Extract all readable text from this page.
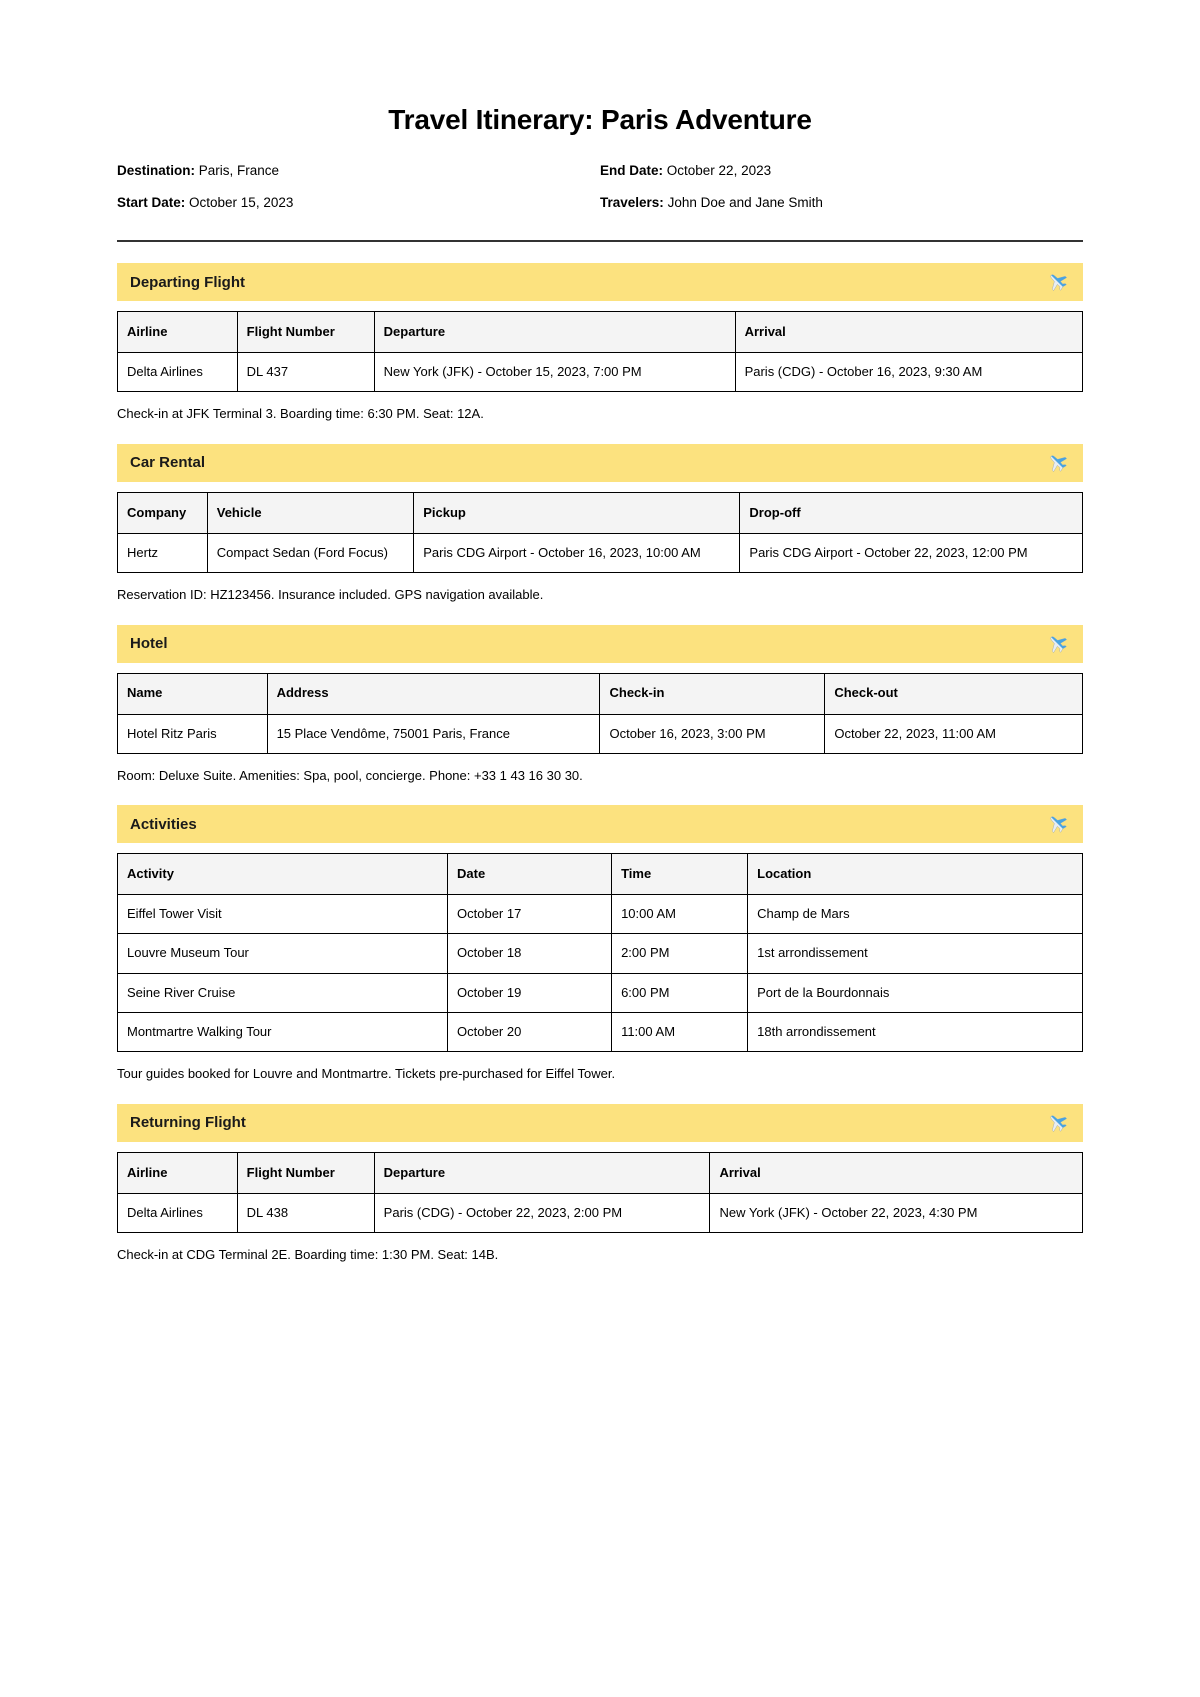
Travel Itinerary: Paris Adventure
Destination: Paris, France	End Date: October 22, 2023
Start Date: October 15, 2023	Travelers: John Doe and Jane Smith
Departing Flight
Airline	Flight Number	Departure	Arrival
Delta Airlines	DL 437	New York (JFK) - October 15, 2023, 7:00 PM	Paris (CDG) - October 16, 2023, 9:30 AM
Check-in at JFK Terminal 3. Boarding time: 6:30 PM. Seat: 12A.
Car Rental
Company	Vehicle	Pickup	Drop-off
Hertz	Compact Sedan (Ford Focus)	Paris CDG Airport - October 16, 2023, 10:00 AM	Paris CDG Airport - October 22, 2023, 12:00 PM
Reservation ID: HZ123456. Insurance included. GPS navigation available.
Hotel
Name	Address	Check-in	Check-out
Hotel Ritz Paris	15 Place Vendôme, 75001 Paris, France	October 16, 2023, 3:00 PM	October 22, 2023, 11:00 AM
Room: Deluxe Suite. Amenities: Spa, pool, concierge. Phone: +33 1 43 16 30 30.
Activities
Activity	Date	Time	Location
Eiffel Tower Visit	October 17	10:00 AM	Champ de Mars
Louvre Museum Tour	October 18	2:00 PM	1st arrondissement
Seine River Cruise	October 19	6:00 PM	Port de la Bourdonnais
Montmartre Walking Tour	October 20	11:00 AM	18th arrondissement
Tour guides booked for Louvre and Montmartre. Tickets pre-purchased for Eiffel Tower.
Returning Flight
Airline	Flight Number	Departure	Arrival
Delta Airlines	DL 438	Paris (CDG) - October 22, 2023, 2:00 PM	New York (JFK) - October 22, 2023, 4:30 PM
Check-in at CDG Terminal 2E. Boarding time: 1:30 PM. Seat: 14B.
